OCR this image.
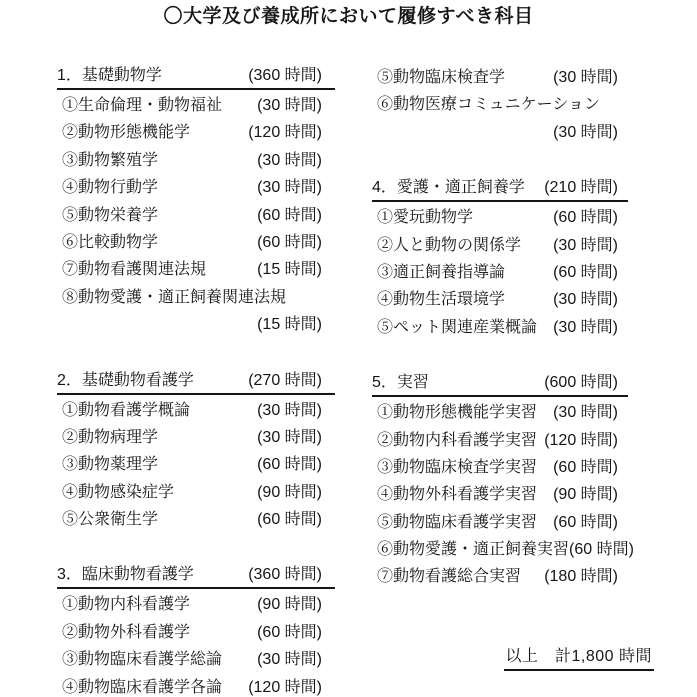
〇大学及び養成所において履修すべき科目
1．基礎動物学	(360 時間)
①生命倫理・動物福祉 (30 時間)
②動物形態機能学	(120 時間)
③動物繁殖学	(30 時間)
④動物行動学	(30 時間)
⑤動物栄養学	(60 時間)
⑥比較動物学	(60 時間)
⑦動物看護関連法規	(15 時間)
⑧動物愛護・適正飼養関連法規
(15 時間)
2．基礎動物看護学	(270 時間)
①動物看護学概論	(30 時間)
②動物病理学	(30 時間)
③動物薬理学	(60 時間)
④動物感染症学	(90 時間)
⑤公衆衛生学	(60 時間)
3．臨床動物看護学	(360 時間)
①動物内科看護学	(90 時間)
②動物外科看護学	(60 時間)
③動物臨床看護学総論 (30 時間)
④動物臨床看護学各論 (120 時間)
⑤動物臨床検査学	(30 時間)
⑥動物医療コミュニケーション
(30 時間)
4．愛護・適正飼養学 (210 時間)
①愛玩動物学	(60 時間)
②人と動物の関係学 (30 時間)
③適正飼養指導論	(60 時間)
④動物生活環境学	(30 時間)
⑤ペット関連産業概論 (30 時間)
5．実習	(600 時間)
①動物形態機能学実習 (30 時間)
②動物内科看護学実習 (120 時間)
③動物臨床検査学実習 (60 時間)
④動物外科看護学実習 (90 時間)
⑤動物臨床看護学実習 (60 時間)
⑥動物愛護・適正飼養実習 (60 時間)
⑦動物看護総合実習 (180 時間)
以上　計1,800 時間
